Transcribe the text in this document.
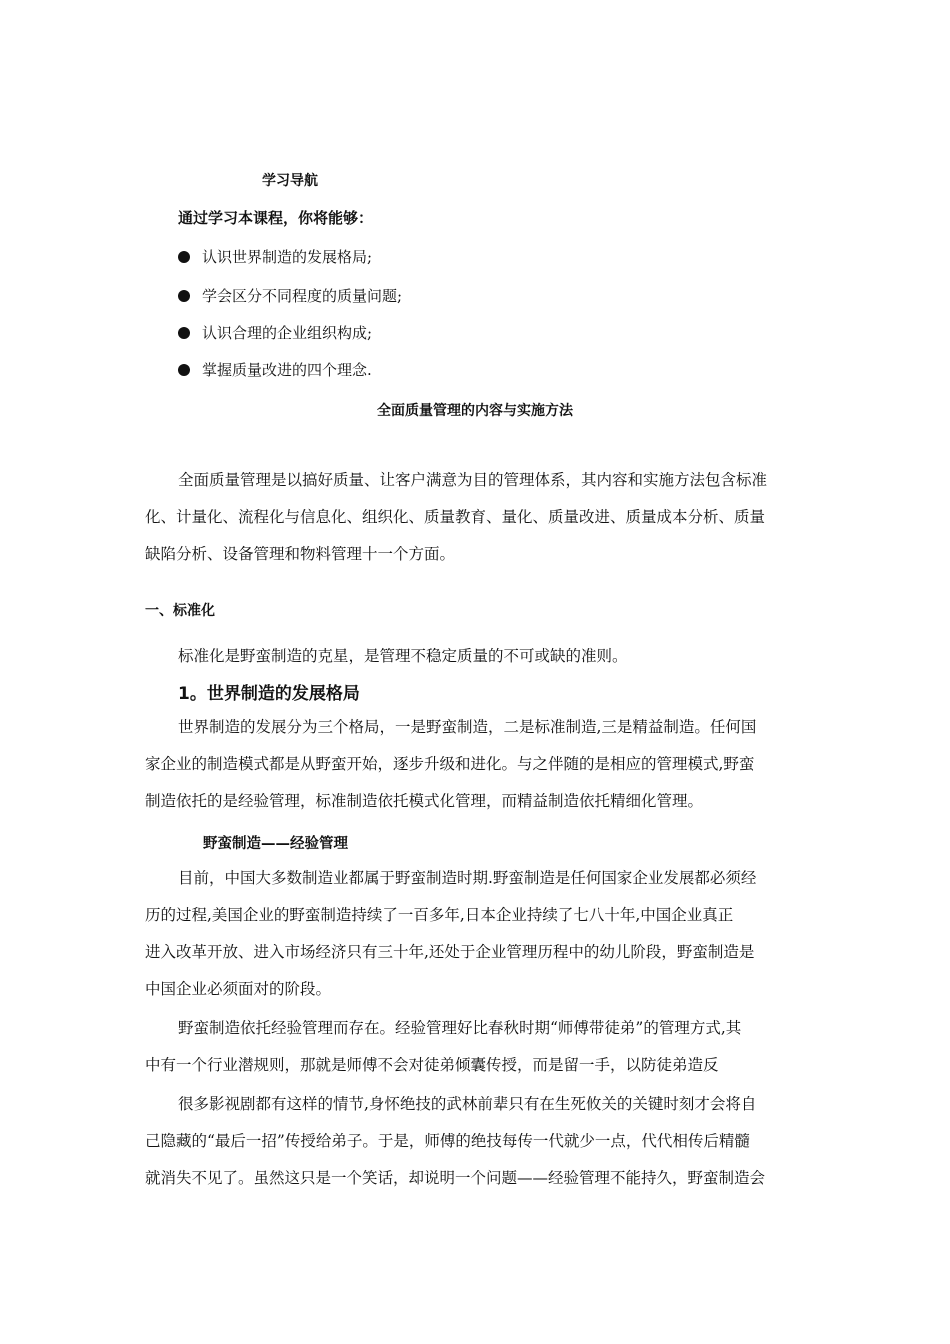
学习导航
通过学习本课程，你将能够：
认识世界制造的发展格局;
学会区分不同程度的质量问题;
认识合理的企业组织构成;
掌握质量改进的四个理念.
全面质量管理的内容与实施方法
全面质量管理是以搞好质量、让客户满意为目的管理体系，其内容和实施方法包含标准
化、计量化、流程化与信息化、组织化、质量教育、量化、质量改进、质量成本分析、质量
缺陷分析、设备管理和物料管理十一个方面。
一、标准化
标准化是野蛮制造的克星，是管理不稳定质量的不可或缺的准则。
1。世界制造的发展格局
世界制造的发展分为三个格局，一是野蛮制造，二是标准制造,三是精益制造。任何国
家企业的制造模式都是从野蛮开始，逐步升级和进化。与之伴随的是相应的管理模式,野蛮
制造依托的是经验管理，标准制造依托模式化管理，而精益制造依托精细化管理。
野蛮制造——经验管理
目前，中国大多数制造业都属于野蛮制造时期.野蛮制造是任何国家企业发展都必须经
历的过程,美国企业的野蛮制造持续了一百多年,日本企业持续了七八十年,中国企业真正
进入改革开放、进入市场经济只有三十年,还处于企业管理历程中的幼儿阶段，野蛮制造是
中国企业必须面对的阶段。
野蛮制造依托经验管理而存在。经验管理好比春秋时期“师傅带徒弟”的管理方式,其
中有一个行业潜规则，那就是师傅不会对徒弟倾囊传授，而是留一手，以防徒弟造反
很多影视剧都有这样的情节,身怀绝技的武林前辈只有在生死攸关的关键时刻才会将自
己隐藏的“最后一招”传授给弟子。于是，师傅的绝技每传一代就少一点，代代相传后精髓
就消失不见了。虽然这只是一个笑话，却说明一个问题——经验管理不能持久，野蛮制造会
